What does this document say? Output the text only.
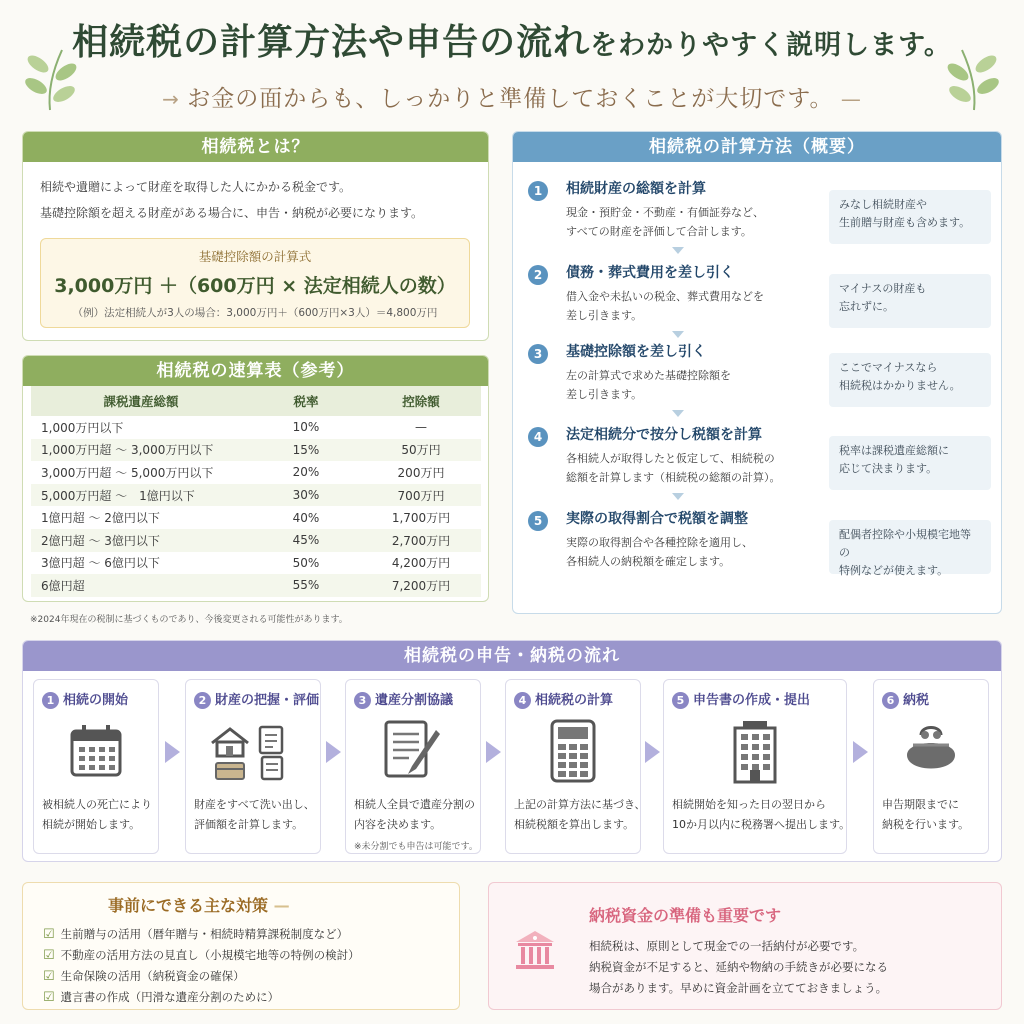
相続税の計算方法や申告の流れをわかりやすく説明します。
→ お金の面からも、しっかりと準備しておくことが大切です。 —
相続税とは？
相続や遺贈によって財産を取得した人にかかる税金です。
基礎控除額を超える財産がある場合に、申告・納税が必要になります。
基礎控除額の計算式
3,000万円 ＋（600万円 × 法定相続人の数）
（例）法定相続人が3人の場合：3,000万円＋（600万円×3人）＝4,800万円
相続税の速算表（参考）
課税遺産総額	税率	控除額
1,000万円以下	10%	—
1,000万円超 ～ 3,000万円以下	15%	50万円
3,000万円超 ～ 5,000万円以下	20%	200万円
5,000万円超 ～　1億円以下	30%	700万円
1億円超 ～ 2億円以下	40%	1,700万円
2億円超 ～ 3億円以下	45%	2,700万円
3億円超 ～ 6億円以下	50%	4,200万円
6億円超	55%	7,200万円
※2024年現在の税制に基づくものであり、今後変更される可能性があります。
相続税の計算方法（概要）
1	相続財産の総額を計算
現金・預貯金・不動産・有価証券など、
すべての財産を評価して合計します。
みなし相続財産や
生前贈与財産も含めます。
2	債務・葬式費用を差し引く
借入金や未払いの税金、葬式費用などを
差し引きます。
マイナスの財産も
忘れずに。
3	基礎控除額を差し引く
左の計算式で求めた基礎控除額を
差し引きます。
ここでマイナスなら
相続税はかかりません。
4	法定相続分で按分し税額を計算
各相続人が取得したと仮定して、相続税の
総額を計算します（相続税の総額の計算）。
税率は課税遺産総額に
応じて決まります。
5	実際の取得割合で税額を調整
実際の取得割合や各種控除を適用し、
各相続人の納税額を確定します。
配偶者控除や小規模宅地等の
特例などが使えます。
相続税の申告・納税の流れ
1 相続の開始
被相続人の死亡により
相続が開始します。
2 財産の把握・評価
財産をすべて洗い出し、
評価額を計算します。
3 遺産分割協議
相続人全員で遺産分割の
内容を決めます。
※未分割でも申告は可能です。
4 相続税の計算
上記の計算方法に基づき、
相続税額を算出します。
5 申告書の作成・提出
相続開始を知った日の翌日から
10か月以内に税務署へ提出します。
6 納税
申告期限までに
納税を行います。
事前にできる主な対策 —
☑ 生前贈与の活用（暦年贈与・相続時精算課税制度など）
☑ 不動産の活用方法の見直し（小規模宅地等の特例の検討）
☑ 生命保険の活用（納税資金の確保）
☑ 遺言書の作成（円滑な遺産分割のために）
納税資金の準備も重要です
相続税は、原則として現金での一括納付が必要です。
納税資金が不足すると、延納や物納の手続きが必要になる
場合があります。早めに資金計画を立てておきましょう。
